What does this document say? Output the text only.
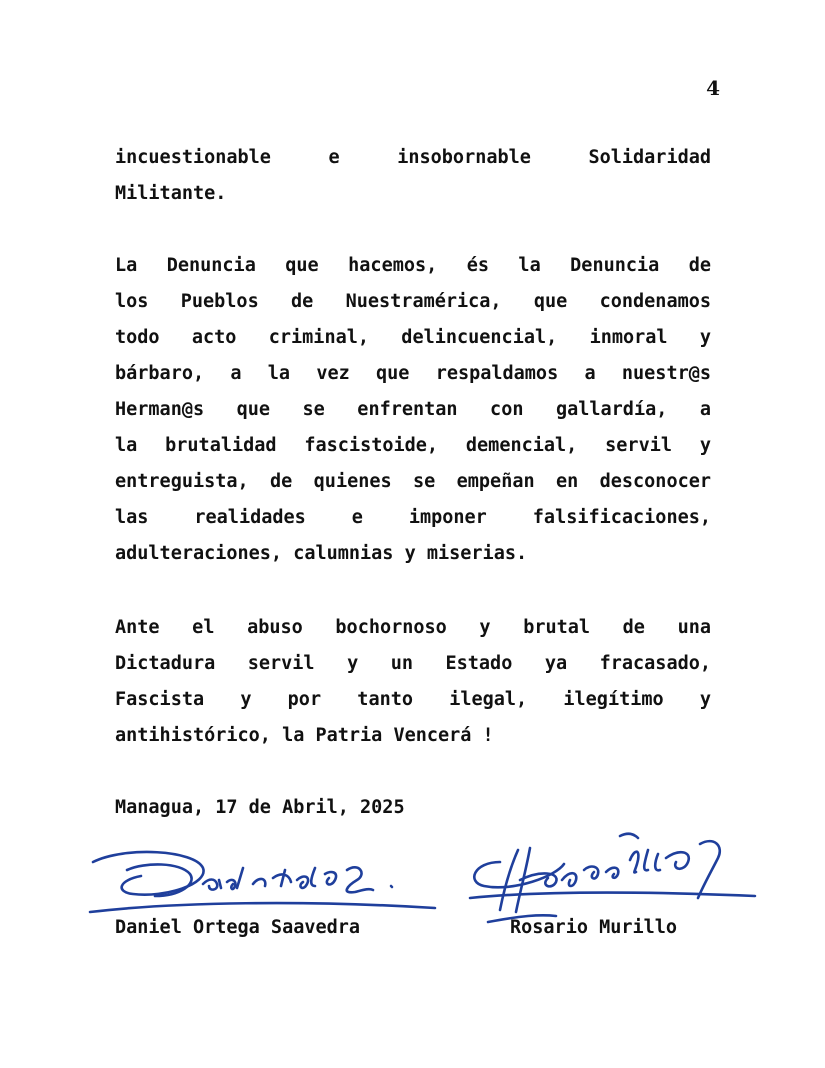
4
incuestionable e insobornable Solidaridad
Militante.
La Denuncia que hacemos, és la Denuncia de
los Pueblos de Nuestramérica, que condenamos
todo acto criminal, delincuencial, inmoral y
bárbaro, a la vez que respaldamos a nuestr@s
Herman@s que se enfrentan con gallardía, a
la brutalidad fascistoide, demencial, servil y
entreguista, de quienes se empeñan en desconocer
las realidades e imponer falsificaciones,
adulteraciones, calumnias y miserias.
Ante el abuso bochornoso y brutal de una
Dictadura servil y un Estado ya fracasado,
Fascista y por tanto ilegal, ilegítimo y
antihistórico, la Patria Vencerá !
Managua, 17 de Abril, 2025
Daniel Ortega Saavedra	Rosario Murillo
